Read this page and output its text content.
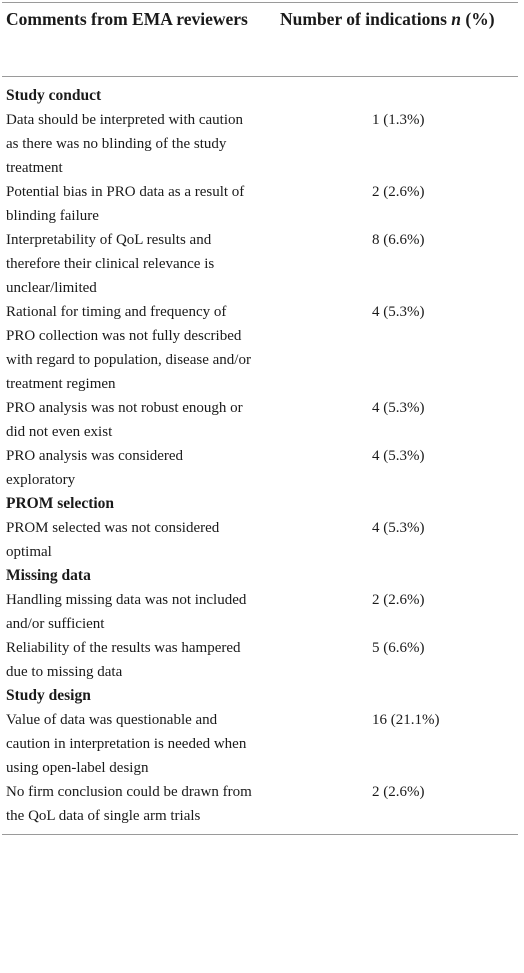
Comments from EMA reviewers	Number of indications n (%)
Study conduct
Data should be interpreted with caution as there was no blinding of the study treatment
1 (1.3%)
Potential bias in PRO data as a result of blinding failure
2 (2.6%)
Interpretability of QoL results and therefore their clinical relevance is unclear/limited
8 (6.6%)
Rational for timing and frequency of PRO collection was not fully described with regard to population, disease and/or treatment regimen
4 (5.3%)
PRO analysis was not robust enough or did not even exist
4 (5.3%)
PRO analysis was considered exploratory
4 (5.3%)
PROM selection
PROM selected was not considered optimal
4 (5.3%)
Missing data
Handling missing data was not included and/or sufficient
2 (2.6%)
Reliability of the results was hampered due to missing data
5 (6.6%)
Study design
Value of data was questionable and caution in interpretation is needed when using open-label design
16 (21.1%)
No firm conclusion could be drawn from the QoL data of single arm trials
2 (2.6%)
